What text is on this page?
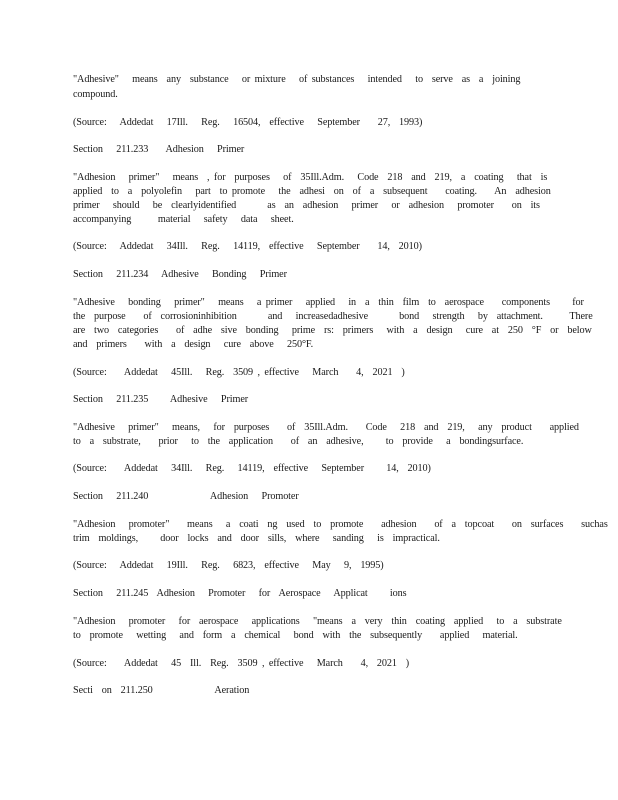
"Adhesive"   means  any  substance   or mixture   of substances   intended   to  serve  as  a  joining
compound.
(Source:   Addedat   17Ill.   Reg.   16504,  effective   September    27,  1993)
Section   211.233    Adhesion   Primer
"Adhesion   primer"   means  , for  purposes   of  35Ill.Adm.   Code  218  and  219,  a  coating   that  is
applied  to  a  polyolefin   part  to promote   the  adhesi  on  of  a  subsequent    coating.    An  adhesion
primer   should   be  clearlyidentified       as  an  adhesion   primer   or  adhesion   promoter    on  its
accompanying      material   safety   data   sheet.
(Source:   Addedat   34Ill.   Reg.   14119,  effective   September    14,  2010)
Section   211.234   Adhesive   Bonding   Primer
"Adhesive   bonding   primer"   means   a primer   applied   in  a  thin  film  to  aerospace    components     for
the  purpose    of  corrosioninhibition       and   increasedadhesive       bond   strength   by  attachment.      There
are  two  categories    of  adhe  sive  bonding   prime  rs:  primers   with  a  design   cure  at  250  °F  or  below
and  primers    with  a  design   cure  above   250°F.
(Source:    Addedat   45Ill.   Reg.  3509 , effective   March    4,  2021  )
Section   211.235     Adhesive   Primer
"Adhesive   primer"   means,   for  purposes    of  35Ill.Adm.    Code   218  and  219,   any  product    applied
to  a  substrate,    prior   to  the  application    of  an  adhesive,     to  provide   a  bondingsurface.
(Source:    Addedat   34Ill.   Reg.   14119,  effective   September     14,  2010)
Section   211.240              Adhesion   Promoter
"Adhesion   promoter"    means   a  coati  ng  used  to  promote    adhesion    of  a  topcoat    on  surfaces    suchas
trim  moldings,     door  locks  and  door  sills,  where   sanding   is  impractical.
(Source:   Addedat   19Ill.   Reg.   6823,  effective   May   9,  1995)
Section   211.245  Adhesion   Promoter   for  Aerospace   Applicat     ions
"Adhesion   promoter   for  aerospace   applications   "means  a  very  thin  coating  applied   to  a  substrate
to  promote   wetting   and  form  a  chemical   bond  with  the  subsequently    applied   material.
(Source:    Addedat   45  Ill.  Reg.  3509 , effective   March    4,  2021  )
Secti  on  211.250              Aeration
